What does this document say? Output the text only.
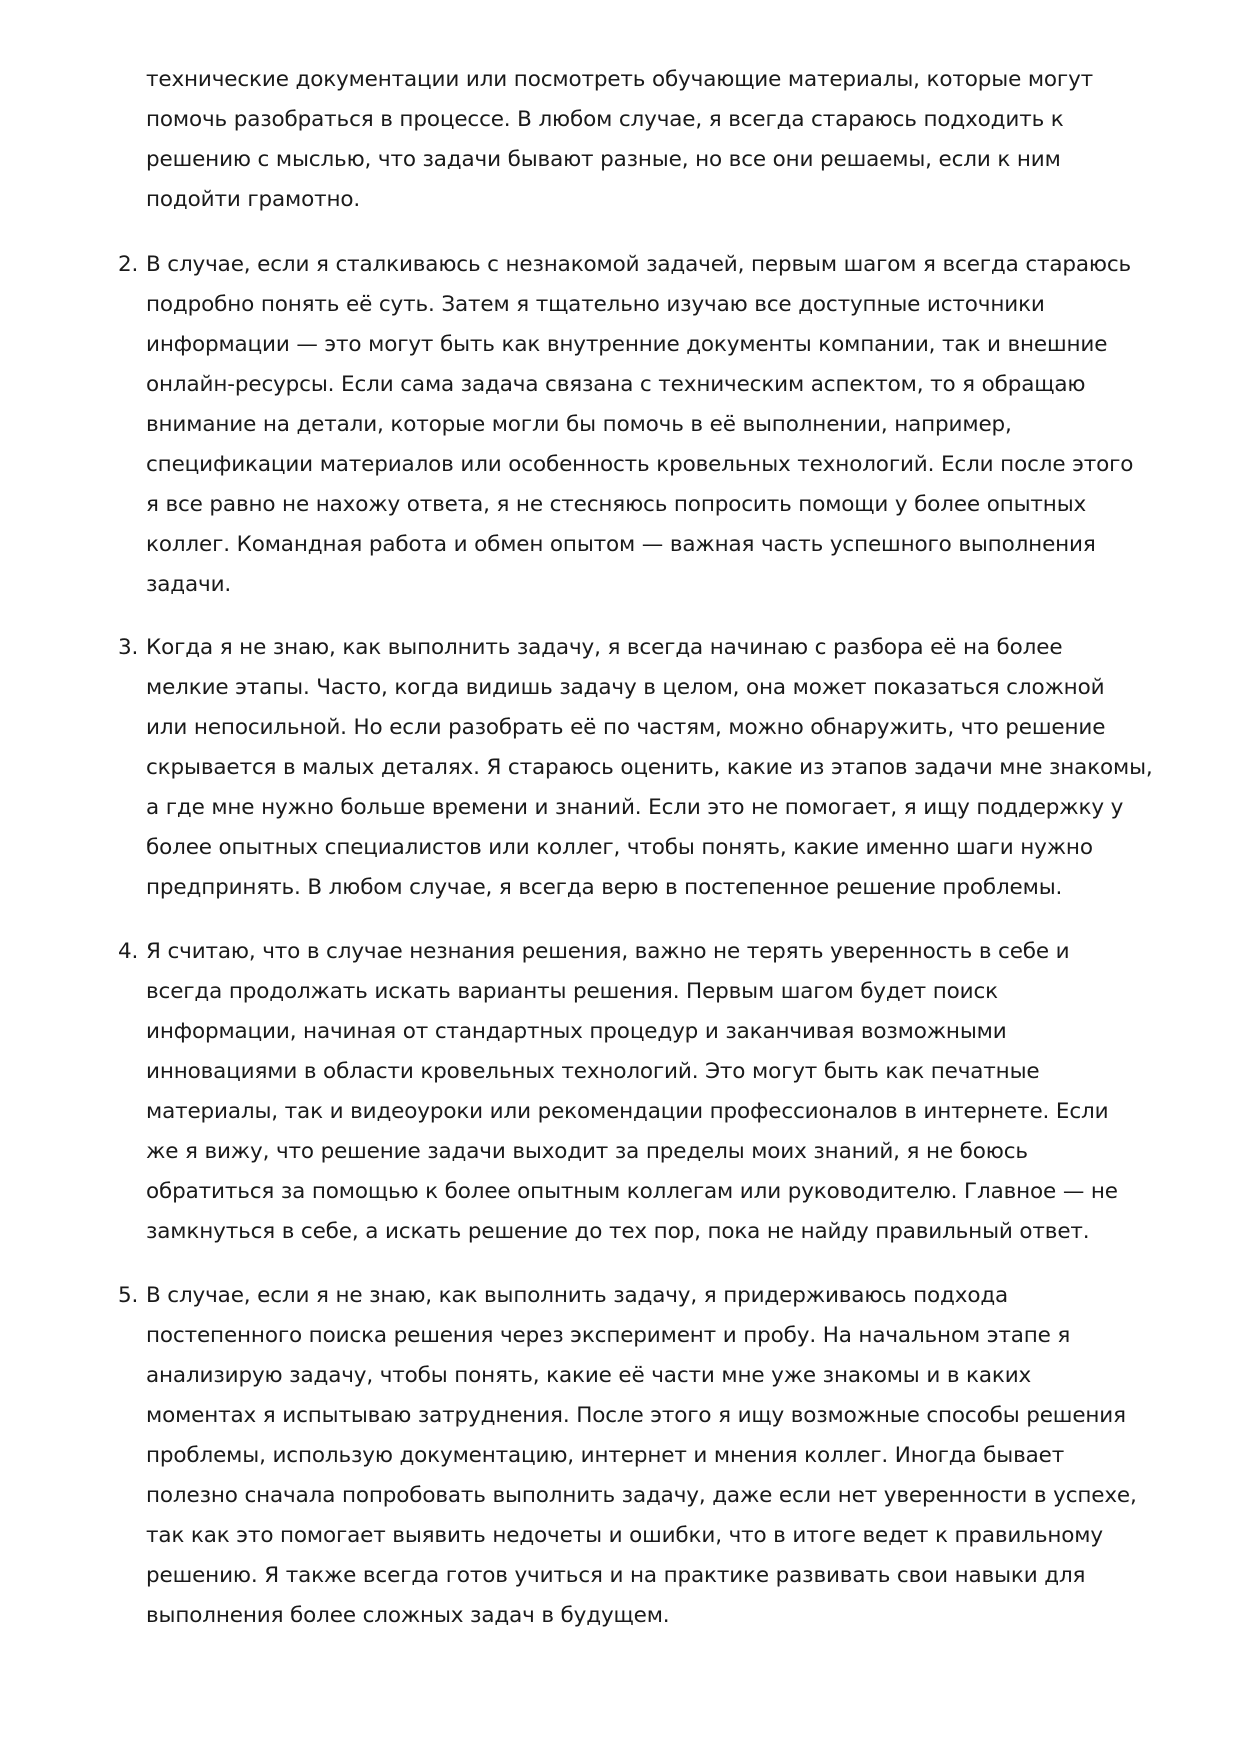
технические документации или посмотреть обучающие материалы, которые могут
помочь разобраться в процессе. В любом случае, я всегда стараюсь подходить к
решению с мыслью, что задачи бывают разные, но все они решаемы, если к ним
подойти грамотно.
2. В случае, если я сталкиваюсь с незнакомой задачей, первым шагом я всегда стараюсь
подробно понять её суть. Затем я тщательно изучаю все доступные источники
информации — это могут быть как внутренние документы компании, так и внешние
онлайн-ресурсы. Если сама задача связана с техническим аспектом, то я обращаю
внимание на детали, которые могли бы помочь в её выполнении, например,
спецификации материалов или особенность кровельных технологий. Если после этого
я все равно не нахожу ответа, я не стесняюсь попросить помощи у более опытных
коллег. Командная работа и обмен опытом — важная часть успешного выполнения
задачи.
3. Когда я не знаю, как выполнить задачу, я всегда начинаю с разбора её на более
мелкие этапы. Часто, когда видишь задачу в целом, она может показаться сложной
или непосильной. Но если разобрать её по частям, можно обнаружить, что решение
скрывается в малых деталях. Я стараюсь оценить, какие из этапов задачи мне знакомы,
а где мне нужно больше времени и знаний. Если это не помогает, я ищу поддержку у
более опытных специалистов или коллег, чтобы понять, какие именно шаги нужно
предпринять. В любом случае, я всегда верю в постепенное решение проблемы.
4. Я считаю, что в случае незнания решения, важно не терять уверенность в себе и
всегда продолжать искать варианты решения. Первым шагом будет поиск
информации, начиная от стандартных процедур и заканчивая возможными
инновациями в области кровельных технологий. Это могут быть как печатные
материалы, так и видеоуроки или рекомендации профессионалов в интернете. Если
же я вижу, что решение задачи выходит за пределы моих знаний, я не боюсь
обратиться за помощью к более опытным коллегам или руководителю. Главное — не
замкнуться в себе, а искать решение до тех пор, пока не найду правильный ответ.
5. В случае, если я не знаю, как выполнить задачу, я придерживаюсь подхода
постепенного поиска решения через эксперимент и пробу. На начальном этапе я
анализирую задачу, чтобы понять, какие её части мне уже знакомы и в каких
моментах я испытываю затруднения. После этого я ищу возможные способы решения
проблемы, использую документацию, интернет и мнения коллег. Иногда бывает
полезно сначала попробовать выполнить задачу, даже если нет уверенности в успехе,
так как это помогает выявить недочеты и ошибки, что в итоге ведет к правильному
решению. Я также всегда готов учиться и на практике развивать свои навыки для
выполнения более сложных задач в будущем.
